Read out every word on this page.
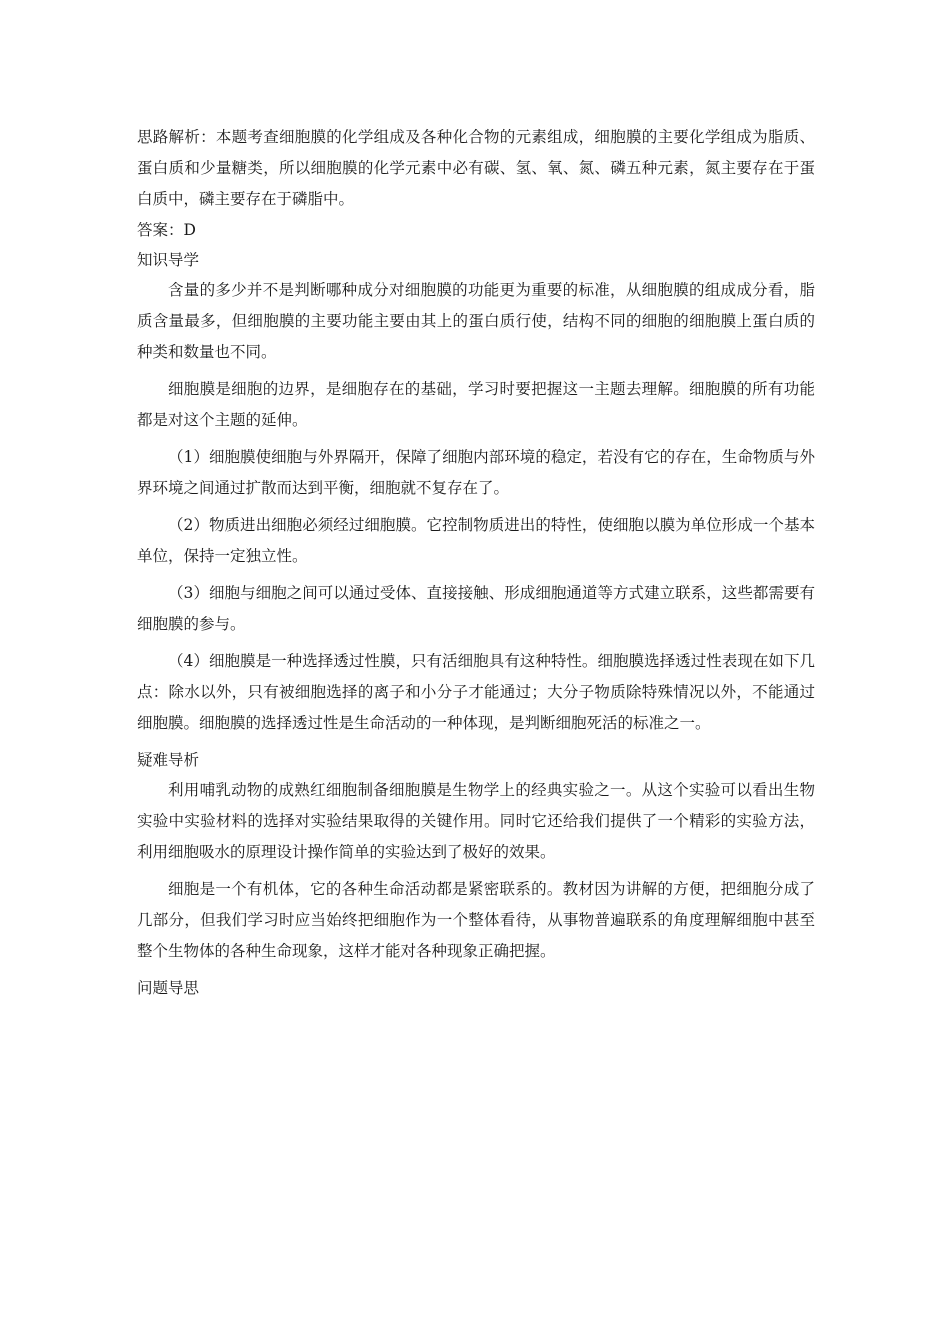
思路解析：本题考查细胞膜的化学组成及各种化合物的元素组成，细胞膜的主要化学组成为脂质、蛋白质和少量糖类，所以细胞膜的化学元素中必有碳、氢、氧、氮、磷五种元素，氮主要存在于蛋白质中，磷主要存在于磷脂中。

答案：D

知识导学

含量的多少并不是判断哪种成分对细胞膜的功能更为重要的标准，从细胞膜的组成成分看，脂质含量最多，但细胞膜的主要功能主要由其上的蛋白质行使，结构不同的细胞的细胞膜上蛋白质的种类和数量也不同。

细胞膜是细胞的边界，是细胞存在的基础，学习时要把握这一主题去理解。细胞膜的所有功能都是对这个主题的延伸。

（1）细胞膜使细胞与外界隔开，保障了细胞内部环境的稳定，若没有它的存在，生命物质与外界环境之间通过扩散而达到平衡，细胞就不复存在了。

（2）物质进出细胞必须经过细胞膜。它控制物质进出的特性，使细胞以膜为单位形成一个基本单位，保持一定独立性。

（3）细胞与细胞之间可以通过受体、直接接触、形成细胞通道等方式建立联系，这些都需要有细胞膜的参与。

（4）细胞膜是一种选择透过性膜，只有活细胞具有这种特性。细胞膜选择透过性表现在如下几点：除水以外，只有被细胞选择的离子和小分子才能通过；大分子物质除特殊情况以外，不能通过细胞膜。细胞膜的选择透过性是生命活动的一种体现，是判断细胞死活的标准之一。

疑难导析

利用哺乳动物的成熟红细胞制备细胞膜是生物学上的经典实验之一。从这个实验可以看出生物实验中实验材料的选择对实验结果取得的关键作用。同时它还给我们提供了一个精彩的实验方法，利用细胞吸水的原理设计操作简单的实验达到了极好的效果。

细胞是一个有机体，它的各种生命活动都是紧密联系的。教材因为讲解的方便，把细胞分成了几部分，但我们学习时应当始终把细胞作为一个整体看待，从事物普遍联系的角度理解细胞中甚至整个生物体的各种生命现象，这样才能对各种现象正确把握。

问题导思
